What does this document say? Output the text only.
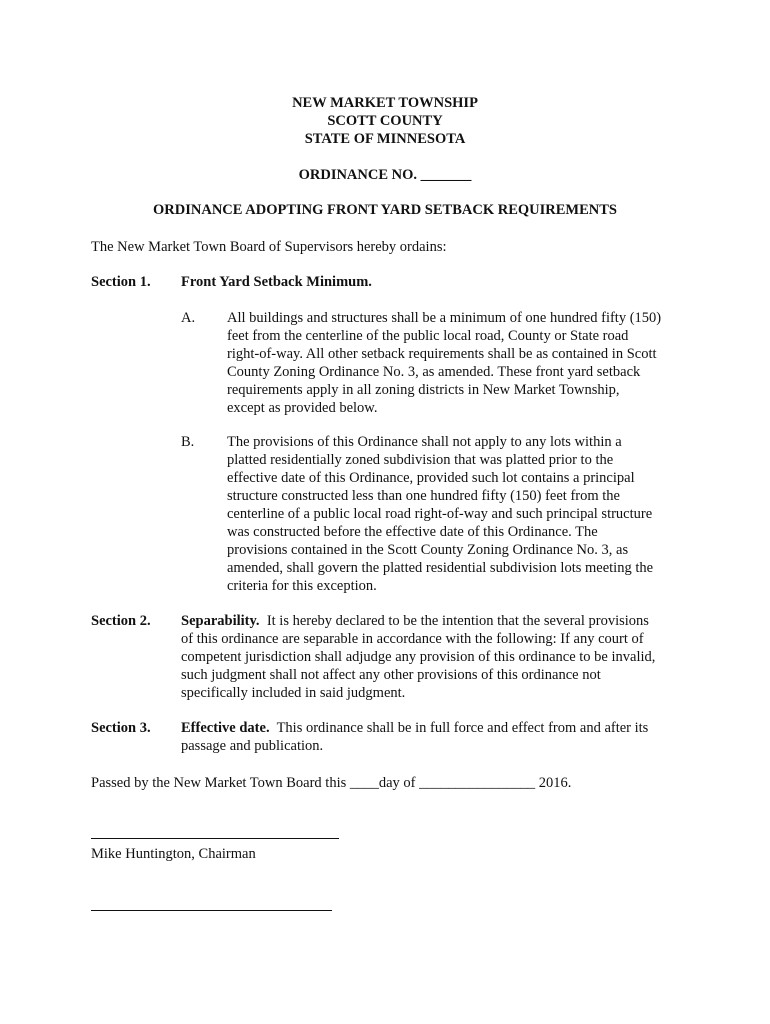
NEW MARKET TOWNSHIP
SCOTT COUNTY
STATE OF MINNESOTA
ORDINANCE NO. _______
ORDINANCE ADOPTING FRONT YARD SETBACK REQUIREMENTS
The New Market Town Board of Supervisors hereby ordains:
Section 1. Front Yard Setback Minimum.
A. All buildings and structures shall be a minimum of one hundred fifty (150)
feet from the centerline of the public local road, County or State road
right-of-way. All other setback requirements shall be as contained in Scott
County Zoning Ordinance No. 3, as amended. These front yard setback
requirements apply in all zoning districts in New Market Township,
except as provided below.
B. The provisions of this Ordinance shall not apply to any lots within a
platted residentially zoned subdivision that was platted prior to the
effective date of this Ordinance, provided such lot contains a principal
structure constructed less than one hundred fifty (150) feet from the
centerline of a public local road right-of-way and such principal structure
was constructed before the effective date of this Ordinance. The
provisions contained in the Scott County Zoning Ordinance No. 3, as
amended, shall govern the platted residential subdivision lots meeting the
criteria for this exception.
Section 2. Separability.  It is hereby declared to be the intention that the several provisions
of this ordinance are separable in accordance with the following: If any court of
competent jurisdiction shall adjudge any provision of this ordinance to be invalid,
such judgment shall not affect any other provisions of this ordinance not
specifically included in said judgment.
Section 3. Effective date.  This ordinance shall be in full force and effect from and after its
passage and publication.
Passed by the New Market Town Board this ____day of ________________ 2016.
Mike Huntington, Chairman
